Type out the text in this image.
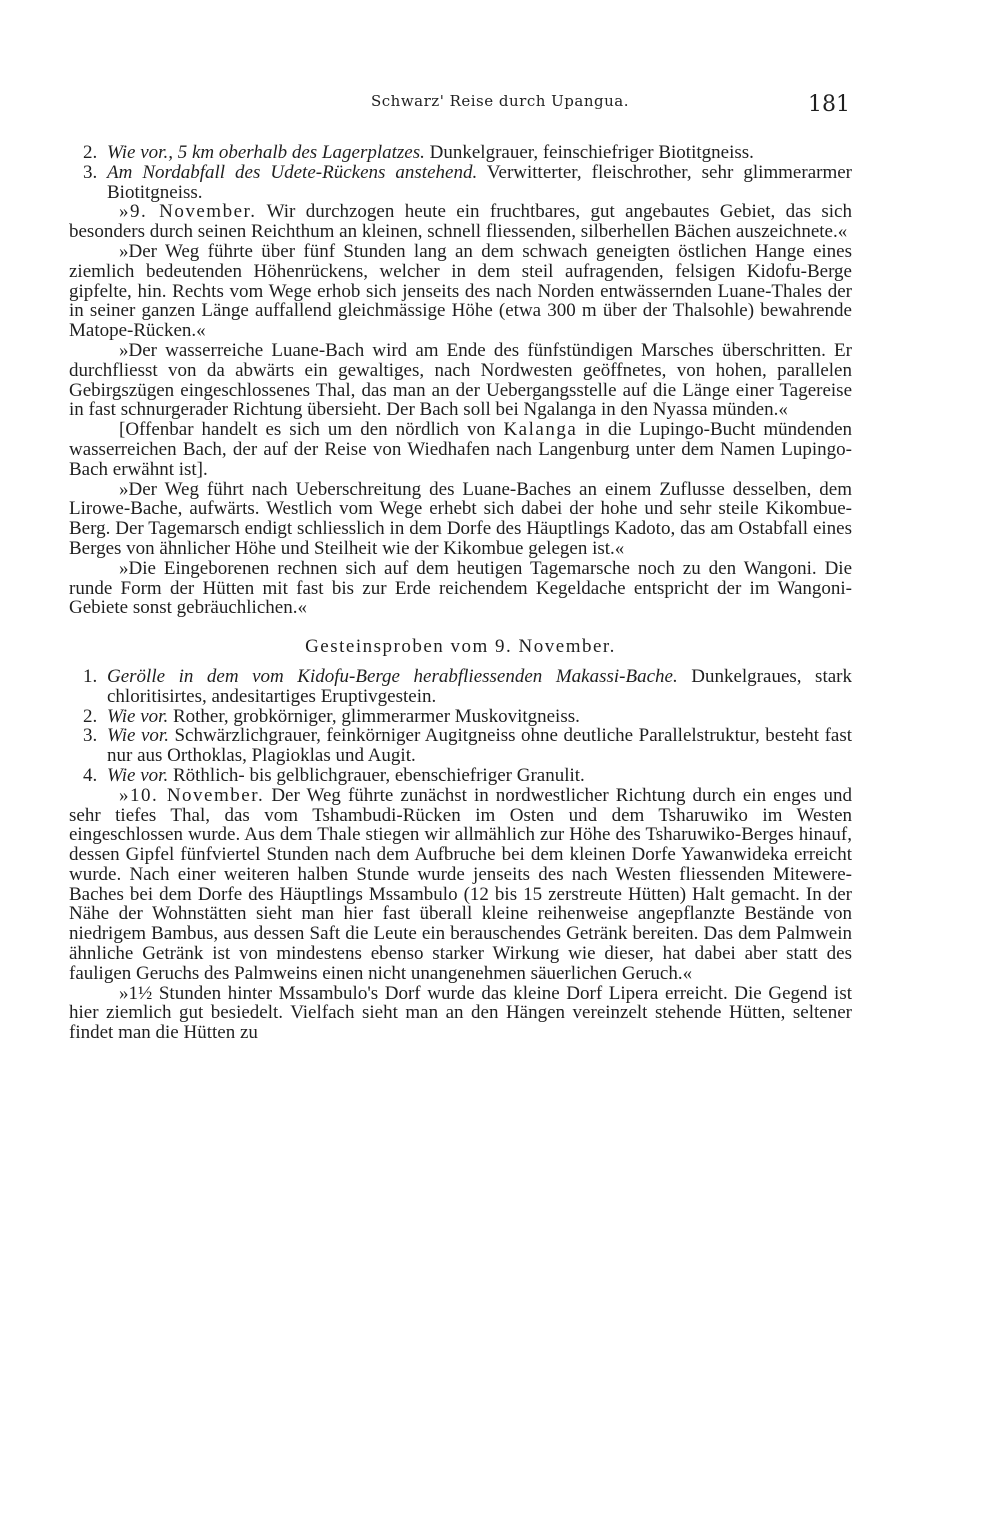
Schwarz' Reise durch Upangua.	181

2. Wie vor., 5 km oberhalb des Lagerplatzes. Dunkelgrauer, feinschiefriger Biotitgneiss.

3. Am Nordabfall des Udete-Rückens anstehend. Verwitterter, fleischrother, sehr glimmerarmer Biotitgneiss.

»9. November. Wir durchzogen heute ein fruchtbares, gut angebautes Gebiet, das sich besonders durch seinen Reichthum an kleinen, schnell fliessenden, silberhellen Bächen auszeichnete.«

»Der Weg führte über fünf Stunden lang an dem schwach geneigten östlichen Hange eines ziemlich bedeutenden Höhenrückens, welcher in dem steil aufragenden, felsigen Kidofu-Berge gipfelte, hin. Rechts vom Wege erhob sich jenseits des nach Norden entwässernden Luane-Thales der in seiner ganzen Länge auffallend gleichmässige Höhe (etwa 300 m über der Thalsohle) bewahrende Matope-Rücken.«

»Der wasserreiche Luane-Bach wird am Ende des fünfstündigen Marsches überschritten. Er durchfliesst von da abwärts ein gewaltiges, nach Nordwesten geöffnetes, von hohen, parallelen Gebirgszügen eingeschlossenes Thal, das man an der Uebergangsstelle auf die Länge einer Tagereise in fast schnurgerader Richtung übersieht. Der Bach soll bei Ngalanga in den Nyassa münden.«

[Offenbar handelt es sich um den nördlich von Kalanga in die Lupingo-Bucht mündenden wasserreichen Bach, der auf der Reise von Wiedhafen nach Langenburg unter dem Namen Lupingo-Bach erwähnt ist].

»Der Weg führt nach Ueberschreitung des Luane-Baches an einem Zuflusse desselben, dem Lirowe-Bache, aufwärts. Westlich vom Wege erhebt sich dabei der hohe und sehr steile Kikombue-Berg. Der Tagemarsch endigt schliesslich in dem Dorfe des Häuptlings Kadoto, das am Ostabfall eines Berges von ähnlicher Höhe und Steilheit wie der Kikombue gelegen ist.«

»Die Eingeborenen rechnen sich auf dem heutigen Tagemarsche noch zu den Wangoni. Die runde Form der Hütten mit fast bis zur Erde reichendem Kegeldache entspricht der im Wangoni-Gebiete sonst gebräuchlichen.«

Gesteinsproben vom 9. November.

1. Gerölle in dem vom Kidofu-Berge herabfliessenden Makassi-Bache. Dunkelgraues, stark chloritisirtes, andesitartiges Eruptivgestein.

2. Wie vor. Rother, grobkörniger, glimmerarmer Muskovitgneiss.

3. Wie vor. Schwärzlichgrauer, feinkörniger Augitgneiss ohne deutliche Parallelstruktur, besteht fast nur aus Orthoklas, Plagioklas und Augit.

4. Wie vor. Röthlich- bis gelblichgrauer, ebenschiefriger Granulit.

»10. November. Der Weg führte zunächst in nordwestlicher Richtung durch ein enges und sehr tiefes Thal, das vom Tshambudi-Rücken im Osten und dem Tsharuwiko im Westen eingeschlossen wurde. Aus dem Thale stiegen wir allmählich zur Höhe des Tsharuwiko-Berges hinauf, dessen Gipfel fünfviertel Stunden nach dem Aufbruche bei dem kleinen Dorfe Yawanwideka erreicht wurde. Nach einer weiteren halben Stunde wurde jenseits des nach Westen fliessenden Mitewere-Baches bei dem Dorfe des Häuptlings Mssambulo (12 bis 15 zerstreute Hütten) Halt gemacht. In der Nähe der Wohnstätten sieht man hier fast überall kleine reihenweise angepflanzte Bestände von niedrigem Bambus, aus dessen Saft die Leute ein berauschendes Getränk bereiten. Das dem Palmwein ähnliche Getränk ist von mindestens ebenso starker Wirkung wie dieser, hat dabei aber statt des fauligen Geruchs des Palmweins einen nicht unangenehmen säuerlichen Geruch.«

»1½ Stunden hinter Mssambulo's Dorf wurde das kleine Dorf Lipera erreicht. Die Gegend ist hier ziemlich gut besiedelt. Vielfach sieht man an den Hängen vereinzelt stehende Hütten, seltener findet man die Hütten zu
